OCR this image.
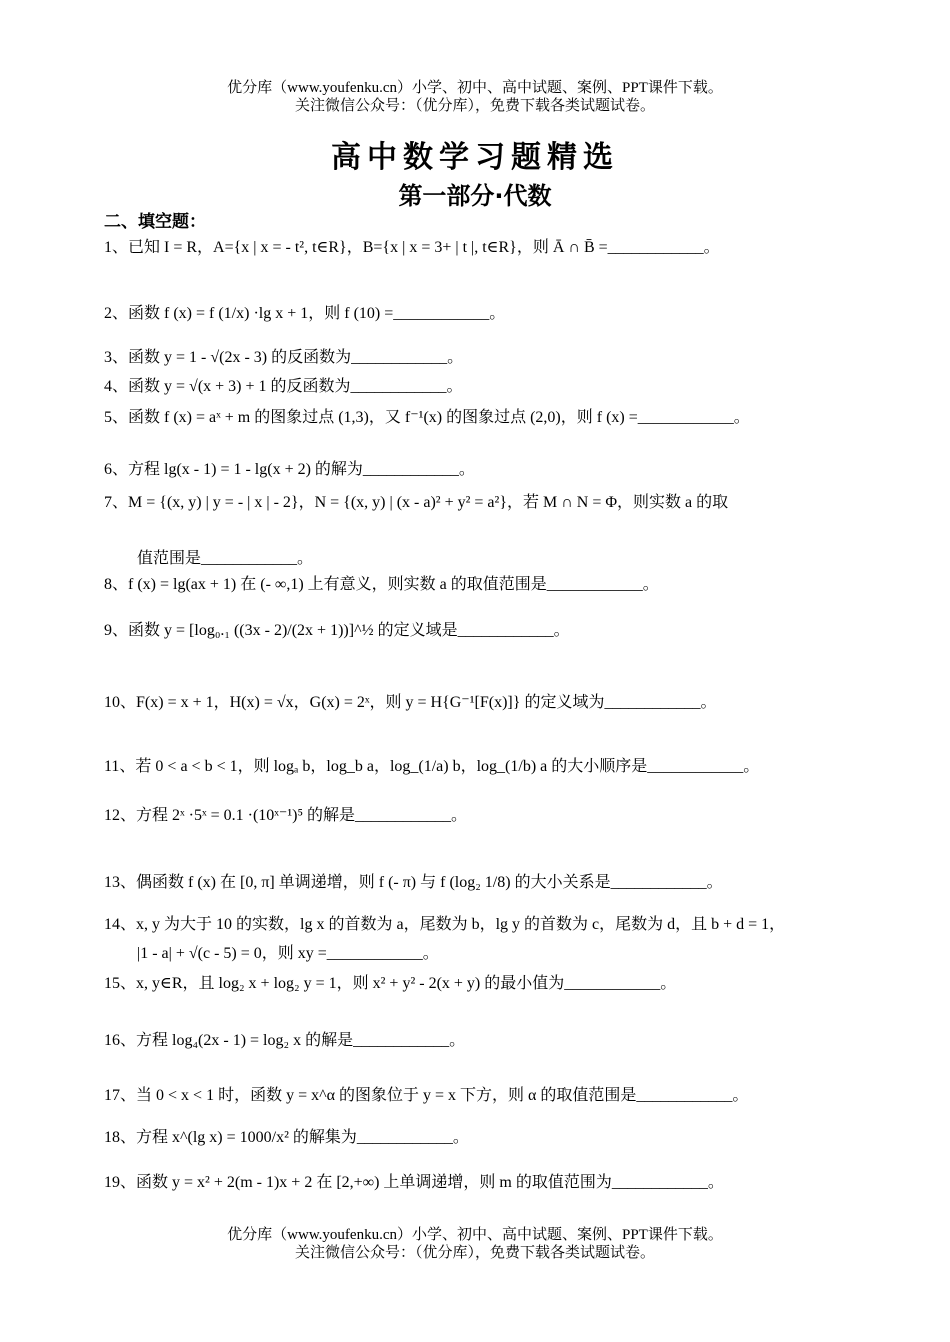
优分库（www.youfenku.cn）小学、初中、高中试题、案例、PPT课件下载。
关注微信公众号：（优分库），免费下载各类试题试卷。
高中数学习题精选
第一部分·代数
二、填空题：
1、已知 I = R，A={x | x = - t², t∈R}，B={x | x = 3+ | t |, t∈R}，则 Ā ∩ B̄ =____________。
2、函数 f (x) = f (1/x) ·lg x + 1，则 f (10) =____________。
3、函数 y = 1 - √(2x - 3) 的反函数为____________。
4、函数 y = √(x + 3) + 1 的反函数为____________。
5、函数 f (x) = aˣ + m 的图象过点 (1,3)，又 f⁻¹(x) 的图象过点 (2,0)，则 f (x) =____________。
6、方程 lg(x - 1) = 1 - lg(x + 2) 的解为____________。
7、M = {(x, y) | y = - | x | - 2}，N = {(x, y) | (x - a)² + y² = a²}，若 M ∩ N = Φ，则实数 a 的取
值范围是____________。
8、f (x) = lg(ax + 1) 在 (- ∞,1) 上有意义，则实数 a 的取值范围是____________。
9、函数 y = [log₀.₁ ((3x - 2)/(2x + 1))]^½ 的定义域是____________。
10、F(x) = x + 1，H(x) = √x，G(x) = 2ˣ，则 y = H{G⁻¹[F(x)]} 的定义域为____________。
11、若 0 < a < b < 1，则 logₐ b，log_b a，log_(1/a) b，log_(1/b) a 的大小顺序是____________。
12、方程 2ˣ ·5ˣ = 0.1 ·(10ˣ⁻¹)⁵ 的解是____________。
13、偶函数 f (x) 在 [0, π] 单调递增，则 f (- π) 与 f (log₂ 1/8) 的大小关系是____________。
14、x, y 为大于 10 的实数，lg x 的首数为 a，尾数为 b，lg y 的首数为 c，尾数为 d，且 b + d = 1，
|1 - a| + √(c - 5) = 0，则 xy =____________。
15、x, y∈R，且 log₂ x + log₂ y = 1，则 x² + y² - 2(x + y) 的最小值为____________。
16、方程 log₄(2x - 1) = log₂ x 的解是____________。
17、当 0 < x < 1 时，函数 y = x^α 的图象位于 y = x 下方，则 α 的取值范围是____________。
18、方程 x^(lg x) = 1000/x² 的解集为____________。
19、函数 y = x² + 2(m - 1)x + 2 在 [2,+∞) 上单调递增，则 m 的取值范围为____________。
优分库（www.youfenku.cn）小学、初中、高中试题、案例、PPT课件下载。
关注微信公众号：（优分库），免费下载各类试题试卷。
